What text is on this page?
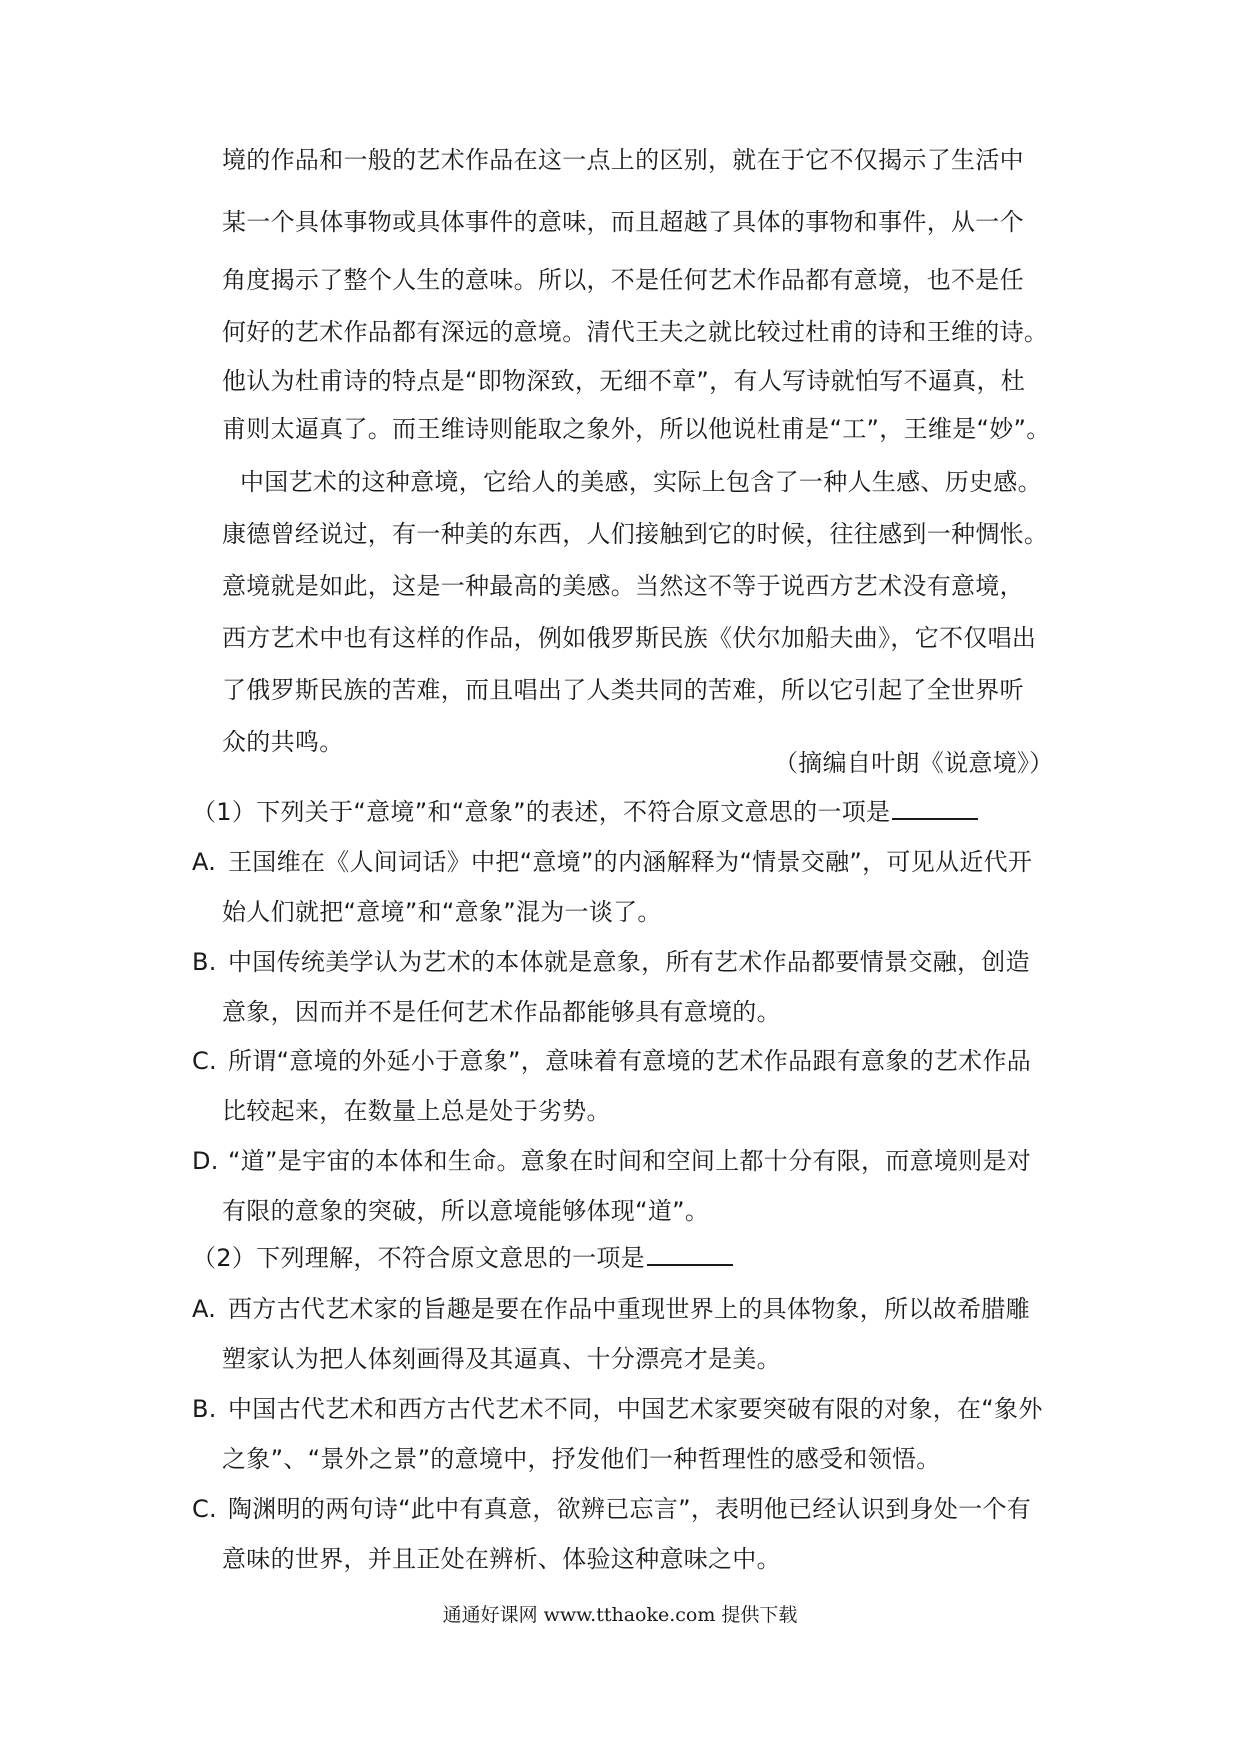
境的作品和一般的艺术作品在这一点上的区别，就在于它不仅揭示了生活中
某一个具体事物或具体事件的意味，而且超越了具体的事物和事件，从一个
角度揭示了整个人生的意味。所以，不是任何艺术作品都有意境，也不是任
何好的艺术作品都有深远的意境。清代王夫之就比较过杜甫的诗和王维的诗。
他认为杜甫诗的特点是“即物深致，无细不章”，有人写诗就怕写不逼真，杜
甫则太逼真了。而王维诗则能取之象外，所以他说杜甫是“工”，王维是“妙”。
中国艺术的这种意境，它给人的美感，实际上包含了一种人生感、历史感。
康德曾经说过，有一种美的东西，人们接触到它的时候，往往感到一种惆怅。
意境就是如此，这是一种最高的美感。当然这不等于说西方艺术没有意境，
西方艺术中也有这样的作品，例如俄罗斯民族《伏尔加船夫曲》，它不仅唱出
了俄罗斯民族的苦难，而且唱出了人类共同的苦难，所以它引起了全世界听
众的共鸣。
（摘编自叶朗《说意境》）
（1）下列关于“意境”和“意象”的表述，不符合原文意思的一项是
A. 王国维在《人间词话》中把“意境”的内涵解释为“情景交融”，可见从近代开
始人们就把“意境”和“意象”混为一谈了。
B. 中国传统美学认为艺术的本体就是意象，所有艺术作品都要情景交融，创造
意象，因而并不是任何艺术作品都能够具有意境的。
C. 所谓“意境的外延小于意象”，意味着有意境的艺术作品跟有意象的艺术作品
比较起来，在数量上总是处于劣势。
D. “道”是宇宙的本体和生命。意象在时间和空间上都十分有限，而意境则是对
有限的意象的突破，所以意境能够体现“道”。
（2）下列理解，不符合原文意思的一项是
A. 西方古代艺术家的旨趣是要在作品中重现世界上的具体物象，所以故希腊雕
塑家认为把人体刻画得及其逼真、十分漂亮才是美。
B. 中国古代艺术和西方古代艺术不同，中国艺术家要突破有限的对象，在“象外
之象”、“景外之景”的意境中，抒发他们一种哲理性的感受和领悟。
C. 陶渊明的两句诗“此中有真意，欲辨已忘言”，表明他已经认识到身处一个有
意味的世界，并且正处在辨析、体验这种意味之中。
通通好课网 www.tthaoke.com 提供下载
